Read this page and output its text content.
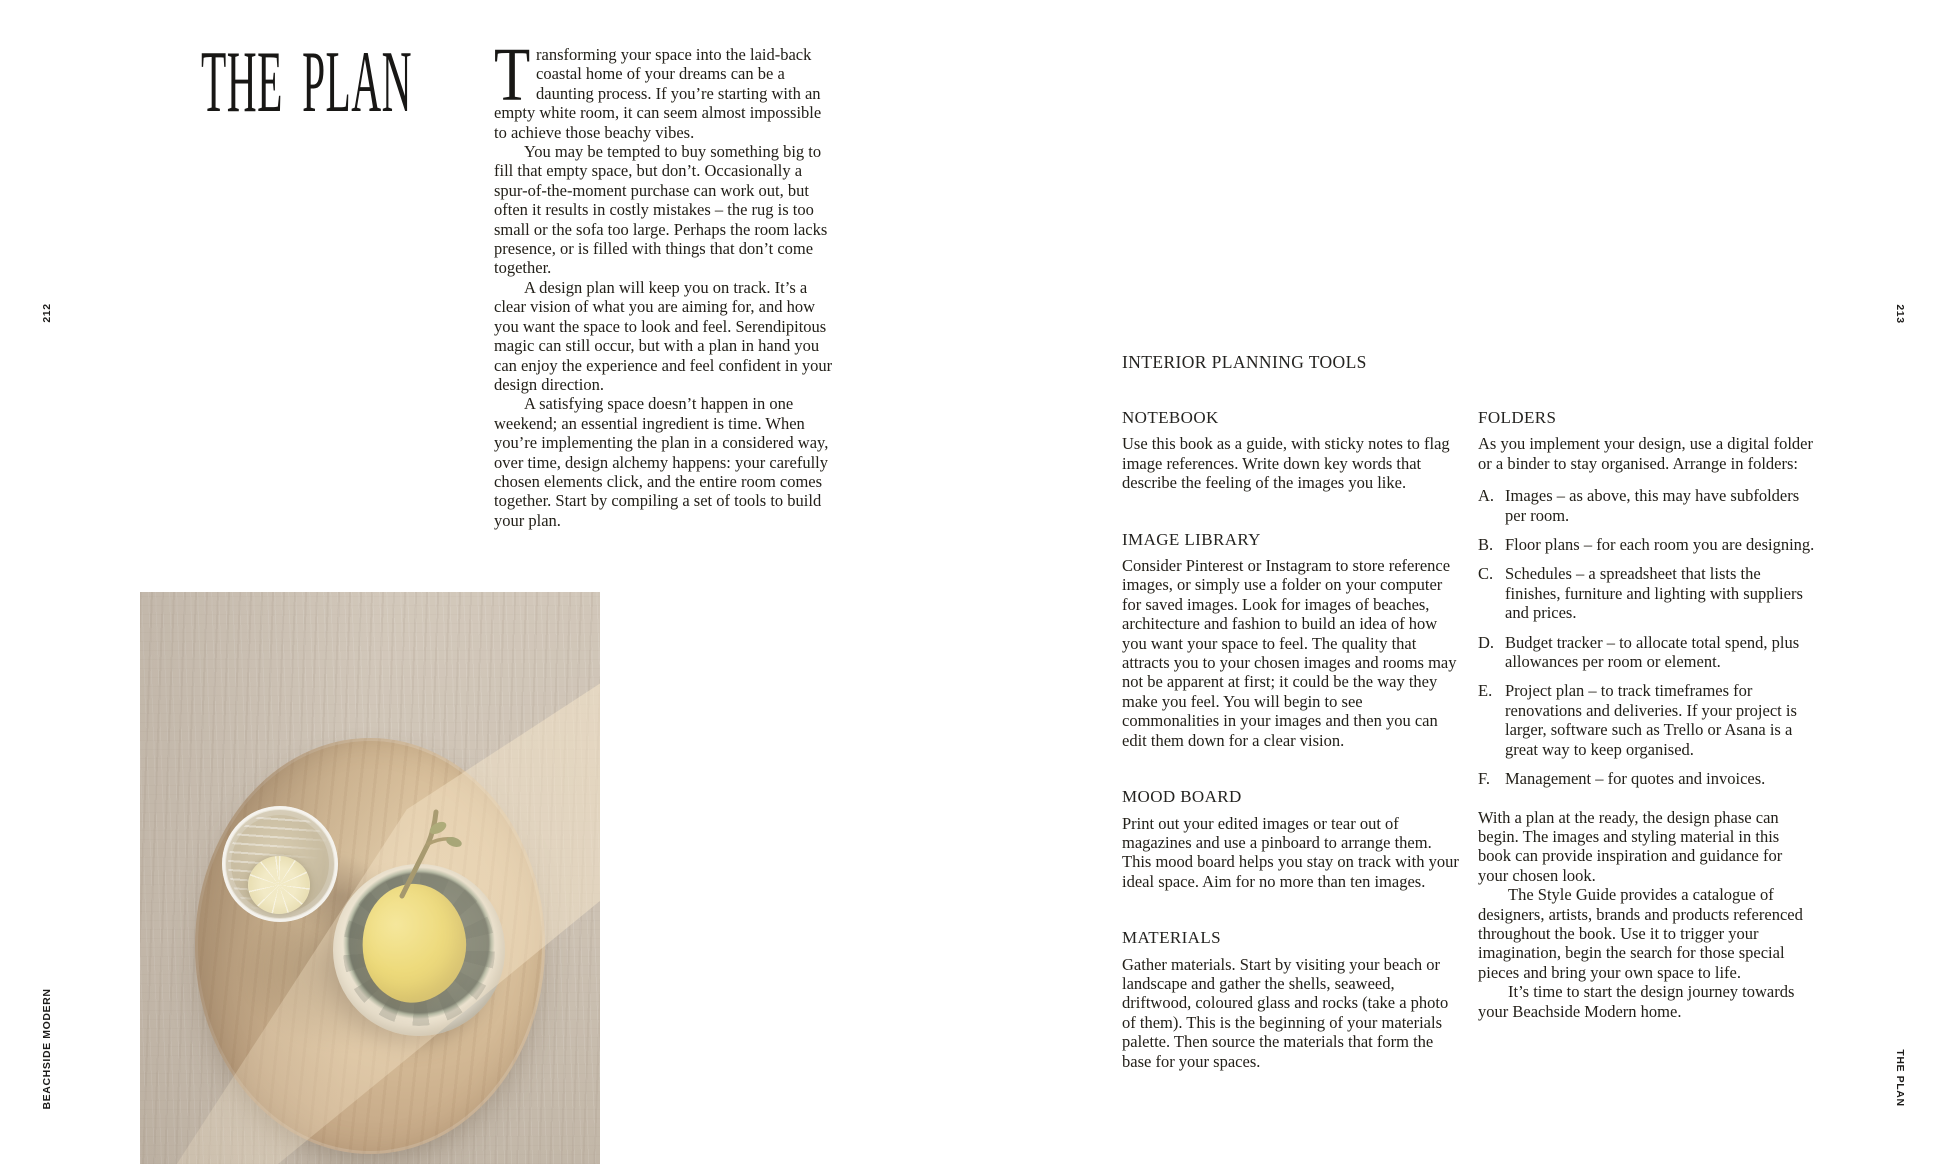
212
BEACHSIDE MODERN
213
THE PLAN
THE PLAN Transforming your space into the laid-back coastal home of your dreams can be a daunting process. If you’re starting with an empty white room, it can seem almost impossible to achieve those beachy vibes.

You may be tempted to buy something big to fill that empty space, but don’t. Occasionally a spur-of-the-moment purchase can work out, but often it results in costly mistakes – the rug is too small or the sofa too large. Perhaps the room lacks presence, or is filled with things that don’t come together.

A design plan will keep you on track. It’s a clear vision of what you are aiming for, and how you want the space to look and feel. Serendipitous magic can still occur, but with a plan in hand you can enjoy the experience and feel confident in your design direction.

A satisfying space doesn’t happen in one weekend; an essential ingredient is time. When you’re implementing the plan in a considered way, over time, design alchemy happens: your carefully chosen elements click, and the entire room comes together. Start by compiling a set of tools to build your plan.

INTERIOR PLANNING TOOLS
NOTEBOOK

Use this book as a guide, with sticky notes to flag image references. Write down key words that describe the feeling of the images you like.

IMAGE LIBRARY

Consider Pinterest or Instagram to store reference images, or simply use a folder on your computer for saved images. Look for images of beaches, architecture and fashion to build an idea of how you want your space to feel. The quality that attracts you to your chosen images and rooms may not be apparent at first; it could be the way they make you feel. You will begin to see commonalities in your images and then you can edit them down for a clear vision.

MOOD BOARD

Print out your edited images or tear out of magazines and use a pinboard to arrange them. This mood board helps you stay on track with your ideal space. Aim for no more than ten images.

MATERIALS

Gather materials. Start by visiting your beach or landscape and gather the shells, seaweed, driftwood, coloured glass and rocks (take a photo of them). This is the beginning of your materials palette. Then source the materials that form the base for your spaces.

FOLDERS

As you implement your design, use a digital folder or a binder to stay organised. Arrange in folders:

A. Images – as above, this may have subfolders per room.
B. Floor plans – for each room you are designing.
C. Schedules – a spreadsheet that lists the finishes, furniture and lighting with suppliers and prices.
D. Budget tracker – to allocate total spend, plus allowances per room or element.
E. Project plan – to track timeframes for renovations and deliveries. If your project is larger, software such as Trello or Asana is a great way to keep organised.
F. Management – for quotes and invoices.

With a plan at the ready, the design phase can begin. The images and styling material in this book can provide inspiration and guidance for your chosen look.

The Style Guide provides a catalogue of designers, artists, brands and products referenced throughout the book. Use it to trigger your imagination, begin the search for those special pieces and bring your own space to life.

It’s time to start the design journey towards your Beachside Modern home.
